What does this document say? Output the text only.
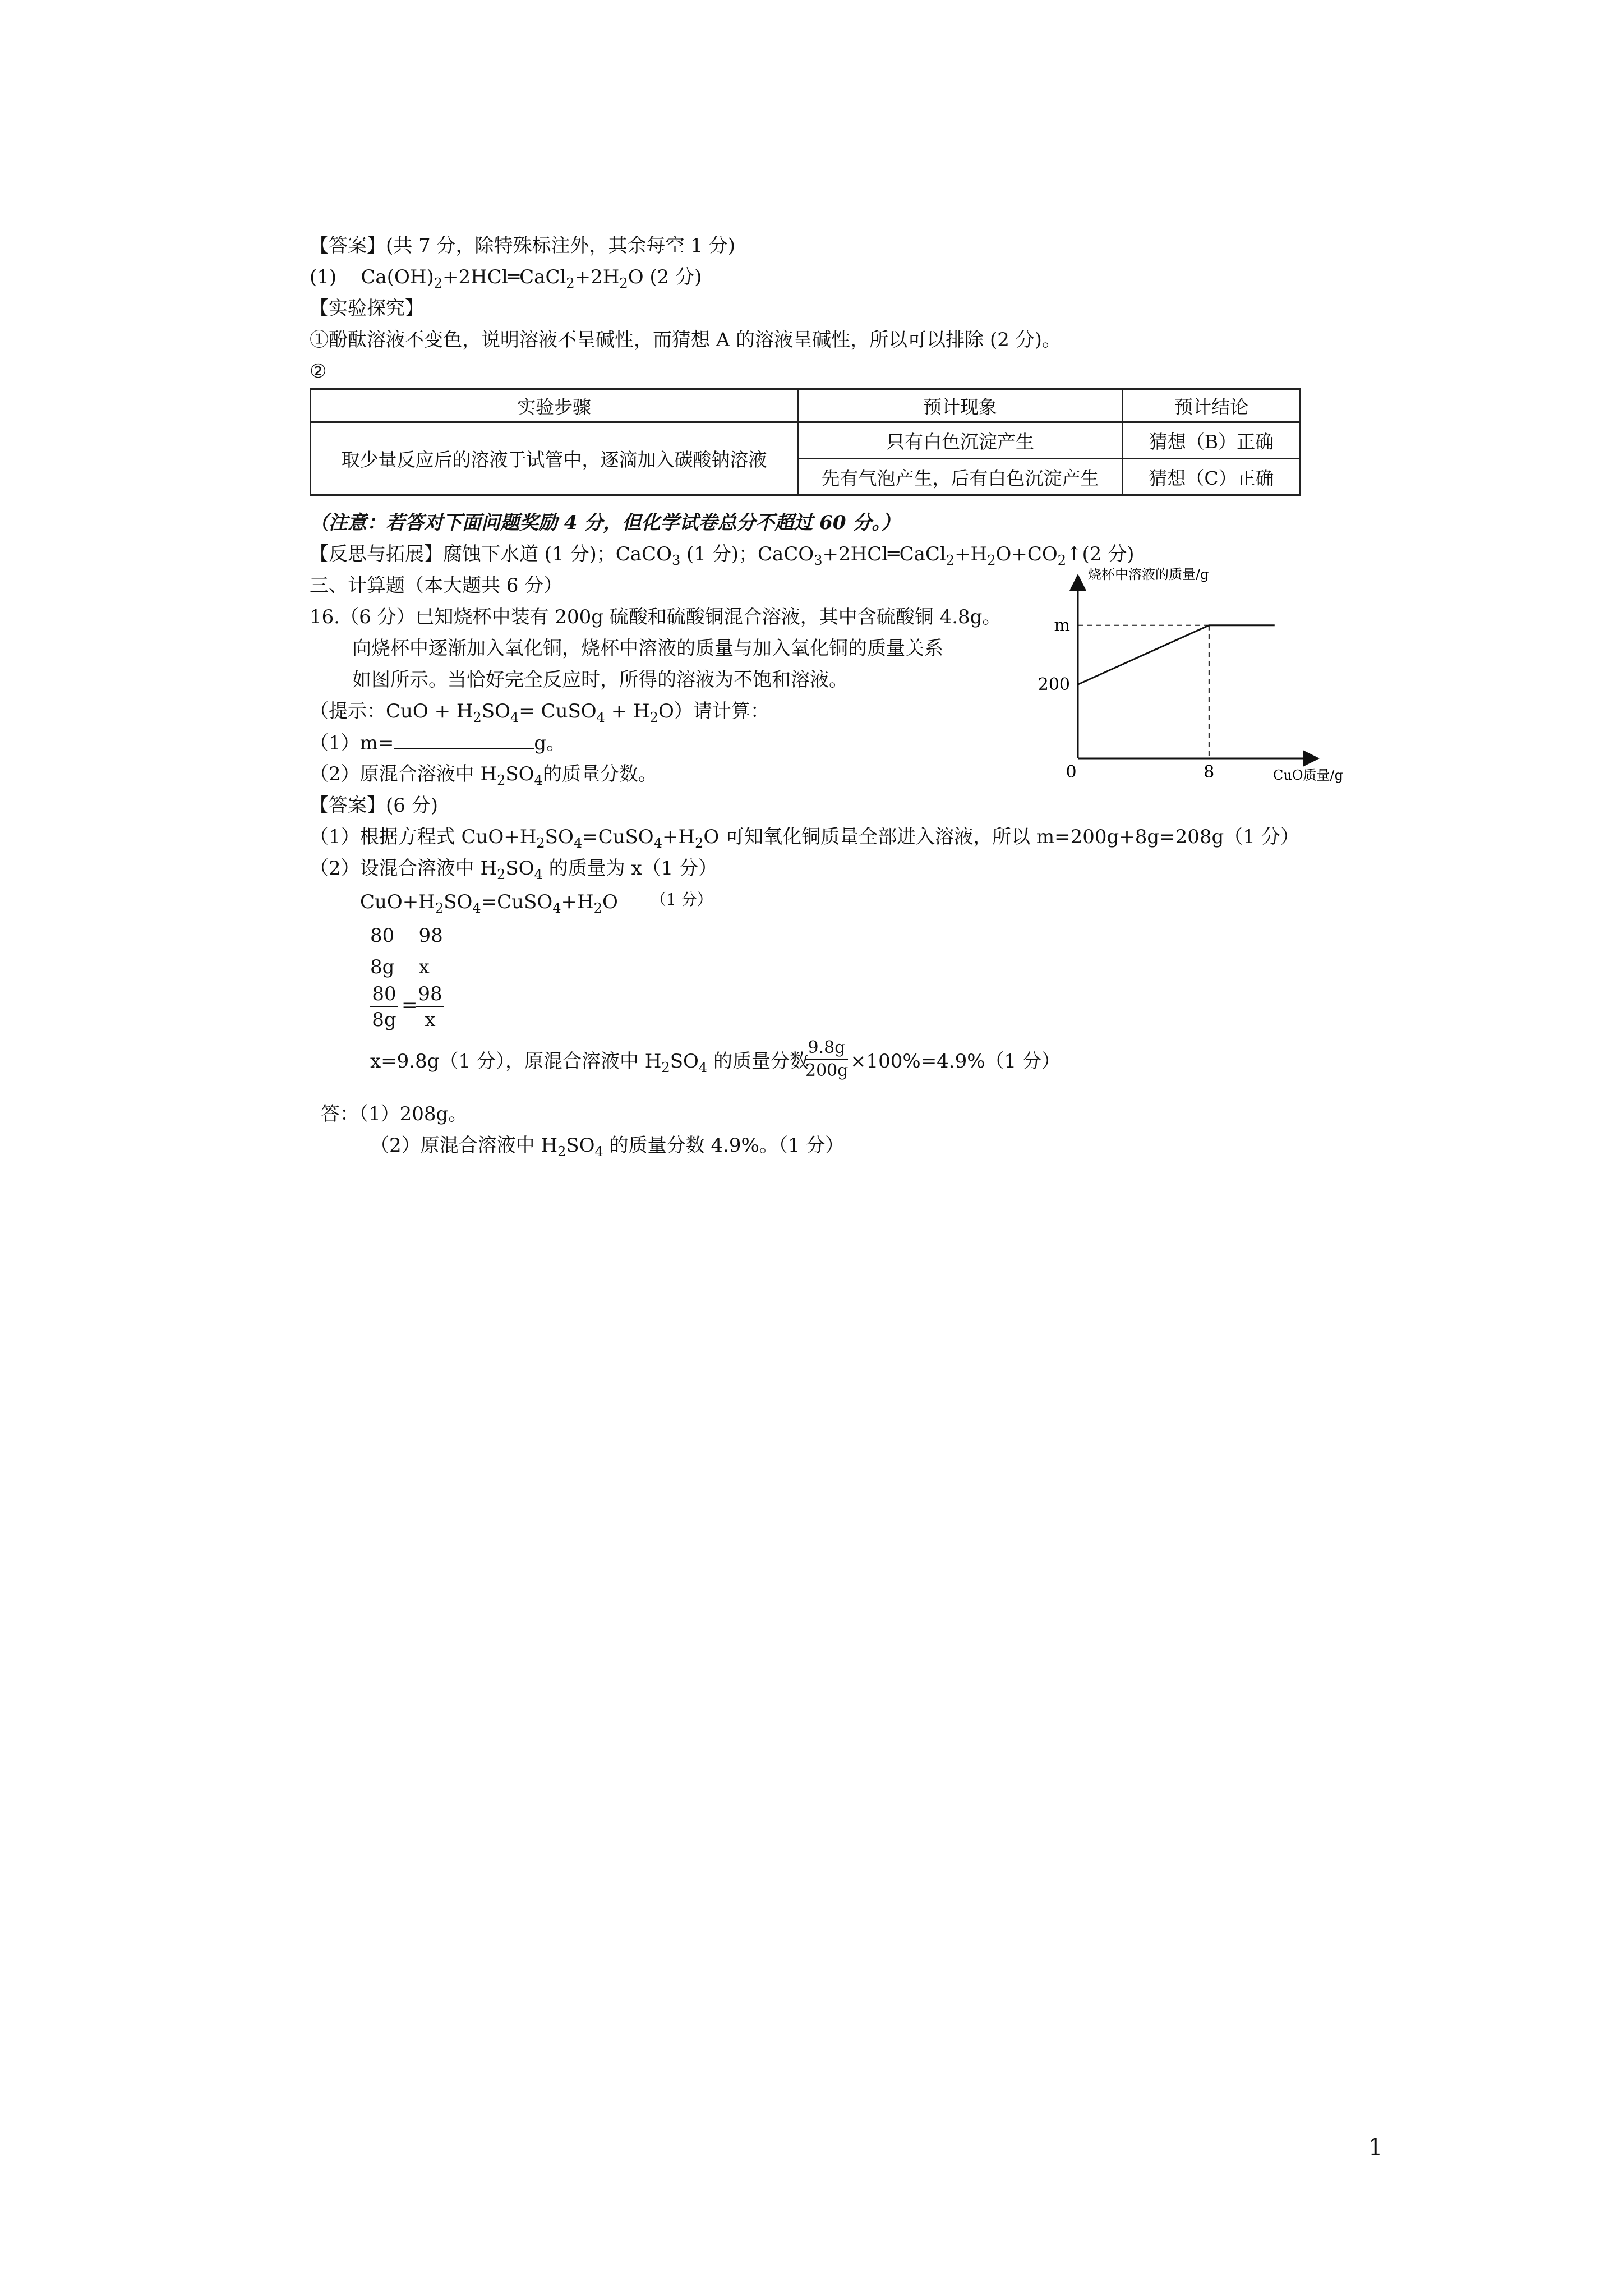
【答案】(共 7 分，除特殊标注外，其余每空 1 分)
(1) $Ca(OH)_2+2HCl═CaCl_2+2H_2O$ (2 分)
【实验探究】
①酚酞溶液不变色，说明溶液不呈碱性，而猜想 A 的溶液呈碱性，所以可以排除 (2 分)。
②
实验步骤	预计现象	预计结论
取少量反应后的溶液于试管中，逐滴加入碳酸钠溶液	只有白色沉淀产生	猜想（B）正确
	先有气泡产生，后有白色沉淀产生	猜想（C）正确
（注意：若答对下面问题奖励 4 分，但化学试卷总分不超过 60 分。）
【反思与拓展】腐蚀下水道 (1 分)；CaCO$_3$ (1 分)；$CaCO_3+2HCl═CaCl_2+H_2O+CO_2↑(2$ 分)
三、计算题（本大题共 6 分）
16.（6 分）已知烧杯中装有 200g 硫酸和硫酸铜混合溶液，其中含硫酸铜 4.8g。
向烧杯中逐渐加入氧化铜，烧杯中溶液的质量与加入氧化铜的质量关系
如图所示。当恰好完全反应时，所得的溶液为不饱和溶液。
（提示：CuO + $H_2SO_4=$ CuSO$_4$ + $H_2O$）请计算：
（1）m=	g。
（2）原混合溶液中 $H_2SO_4$的质量分数。
烧杯中溶液的质量/g
CuO质量/g
0	8
200
m
【答案】(6 分)
（1）根据方程式 $CuO+H_2SO_4=CuSO_4+H_2O$ 可知氧化铜质量全部进入溶液，所以 m=200g+8g=208g（1 分）
（2）设混合溶液中 $H_2SO_4$ 的质量为 x（1 分）
$CuO+H_2SO_4=CuSO_4+H_2O$ （1 分）
80    98
8g    x
80
8g
= 98
x
x=9.8g（1 分），原混合溶液中 $H_2SO_4$ 的质量分数
9.8g
200g ×100%=4.9%（1 分）
答：（1）208g。
（2）原混合溶液中 $H_2SO_4$ 的质量分数 4.9%。（1 分）
1
